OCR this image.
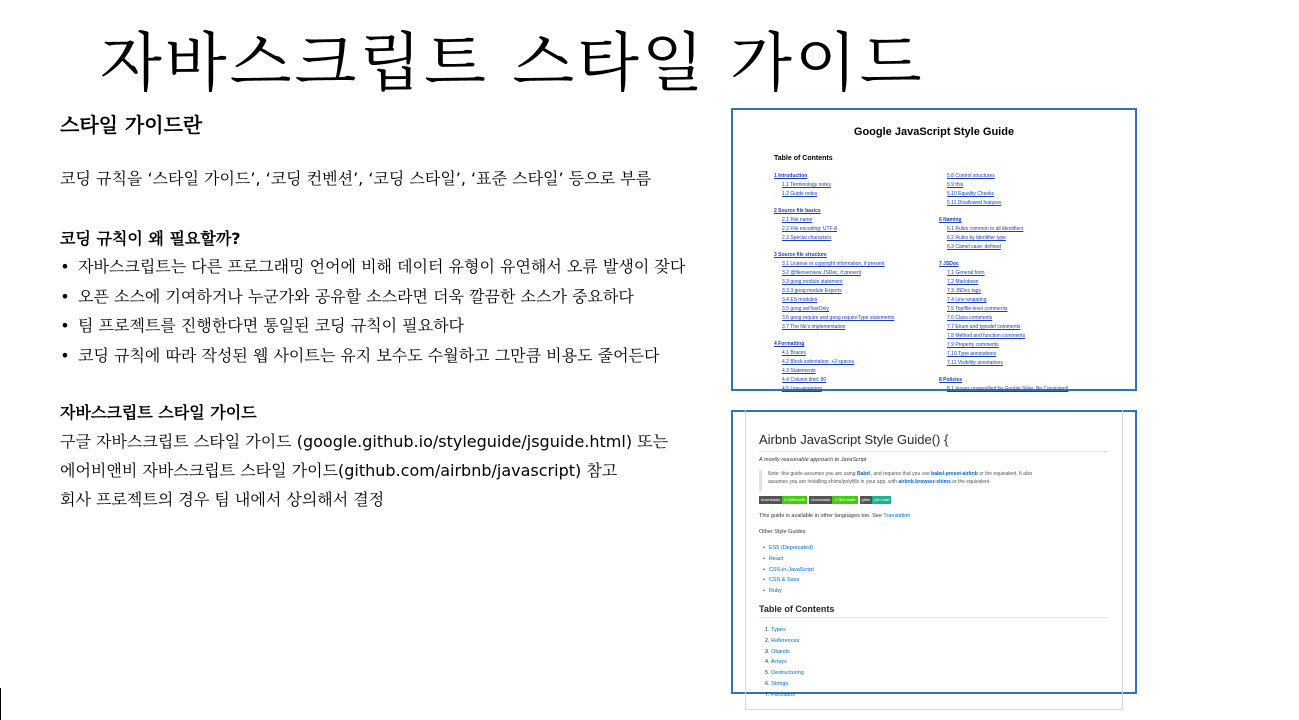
자바스크립트 스타일 가이드
스타일 가이드란
코딩 규칙을 ‘스타일 가이드’, ‘코딩 컨벤션’, ‘코딩 스타일’, ‘표준 스타일’ 등으로 부름
코딩 규칙이 왜 필요할까?
• 자바스크립트는 다른 프로그래밍 언어에 비해 데이터 유형이 유연해서 오류 발생이 잦다
• 오픈 소스에 기여하거나 누군가와 공유할 소스라면 더욱 깔끔한 소스가 중요하다
• 팀 프로젝트를 진행한다면 통일된 코딩 규칙이 필요하다
• 코딩 규칙에 따라 작성된 웹 사이트는 유지 보수도 수월하고 그만큼 비용도 줄어든다
자바스크립트 스타일 가이드
구글 자바스크립트 스타일 가이드 (google.github.io/styleguide/jsguide.html) 또는
에어비앤비 자바스크립트 스타일 가이드(github.com/airbnb/javascript) 참고
회사 프로젝트의 경우 팀 내에서 상의해서 결정
Google JavaScript Style Guide
Table of Contents
1 Introduction
1.1 Terminology notes
1.2 Guide notes
2 Source file basics
2.1 File name
2.2 File encoding: UTF-8
2.3 Special characters
3 Source file structure
3.1 License or copyright information, if present
3.2 @fileoverview JSDoc, if present
3.3 goog.module statement
3.3.3 goog.module Exports
3.4 ES modules
3.5 goog.setTestOnly
3.6 goog.require and goog.requireType statements
3.7 The file’s implementation
4 Formatting
4.1 Braces
4.2 Block indentation: +2 spaces
4.3 Statements
4.4 Column limit: 80
4.5 Line-wrapping
5.8 Control structures
5.9 this
5.10 Equality Checks
5.11 Disallowed features
6 Naming
6.1 Rules common to all identifiers
6.2 Rules by identifier type
6.3 Camel case: defined
7 JSDoc
7.1 General form
7.2 Markdown
7.3 JSDoc tags
7.4 Line wrapping
7.5 Top/file-level comments
7.6 Class comments
7.7 Enum and typedef comments
7.8 Method and function comments
7.9 Property comments
7.10 Type annotations
7.11 Visibility annotations
8 Policies
8.1 Issues unspecified by Google Style: Be Consistent!
Airbnb JavaScript Style Guide() {
A mostly reasonable approach to JavaScript
Note: this guide assumes you are using Babel, and requires that you use babel-preset-airbnb or the equivalent. It also
assumes you are installing shims/polyfills in your app, with airbnb-browser-shims or the equivalent.
downloads	9.2M/month	downloads	3.2M/month	gitter	join chat
This guide is available in other languages too. See Translation
Other Style Guides
• ES5 (Deprecated)
• React
• CSS-in-JavaScript
• CSS & Sass
• Ruby
Table of Contents
1. Types
2. References
3. Objects
4. Arrays
5. Destructuring
6. Strings
7. Functions
